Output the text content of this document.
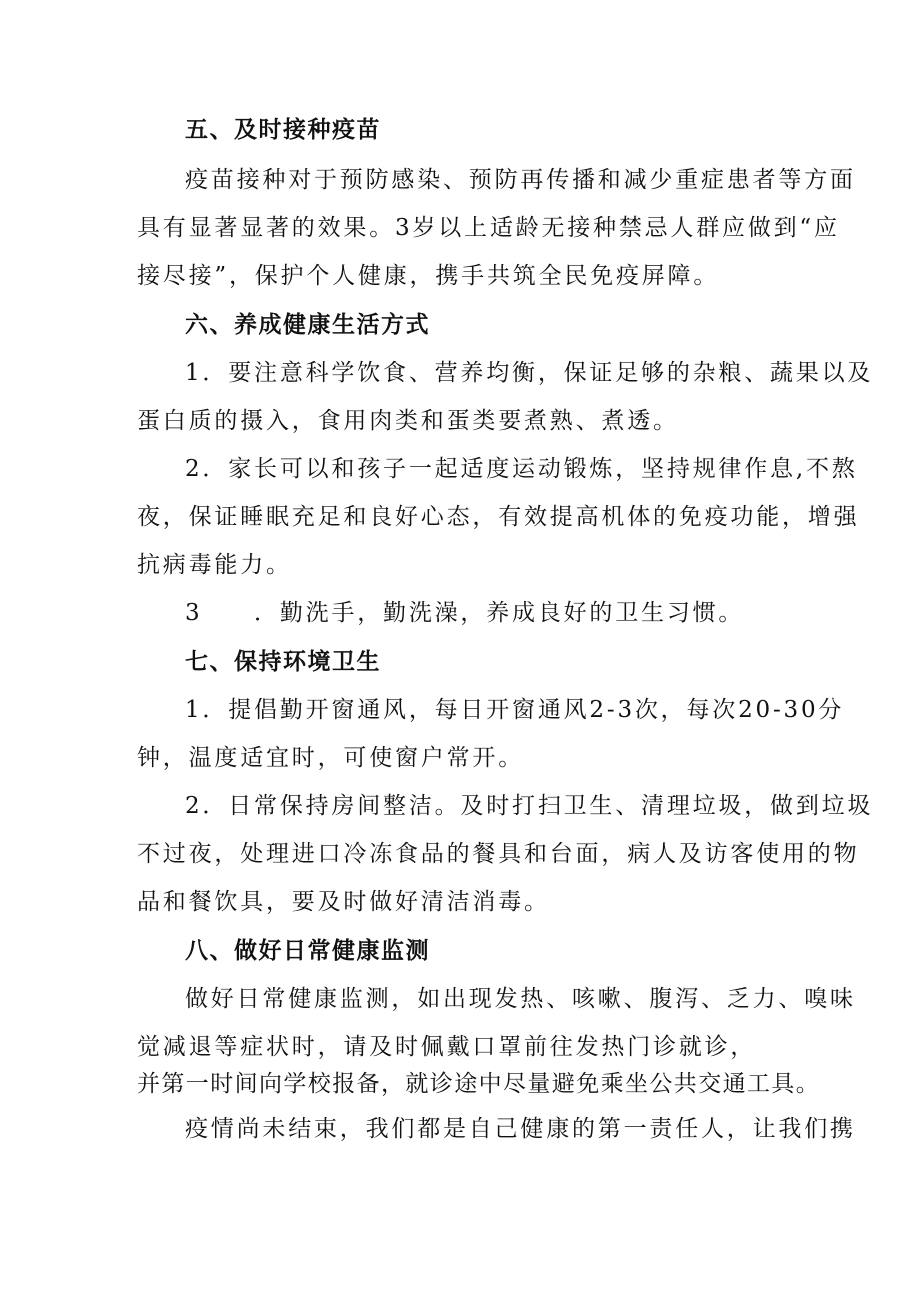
五、及时接种疫苗
疫苗接种对于预防感染、预防再传播和减少重症患者等方面
具有显著显著的效果。3岁以上适龄无接种禁忌人群应做到“应
接尽接”，保护个人健康，携手共筑全民免疫屏障。
六、养成健康生活方式
1．要注意科学饮食、营养均衡，保证足够的杂粮、蔬果以及
蛋白质的摄入，食用肉类和蛋类要煮熟、煮透。
2．家长可以和孩子一起适度运动锻炼，坚持规律作息,不熬
夜，保证睡眠充足和良好心态，有效提高机体的免疫功能，增强
抗病毒能力。
3　　．勤洗手，勤洗澡，养成良好的卫生习惯。
七、保持环境卫生
1．提倡勤开窗通风，每日开窗通风2-3次，每次20-30分
钟，温度适宜时，可使窗户常开。
2．日常保持房间整洁。及时打扫卫生、清理垃圾，做到垃圾
不过夜，处理进口冷冻食品的餐具和台面，病人及访客使用的物
品和餐饮具，要及时做好清洁消毒。
八、做好日常健康监测
做好日常健康监测，如出现发热、咳嗽、腹泻、乏力、嗅味
觉减退等症状时，请及时佩戴口罩前往发热门诊就诊，
并第一时间向学校报备，就诊途中尽量避免乘坐公共交通工具。
疫情尚未结束，我们都是自己健康的第一责任人，让我们携
